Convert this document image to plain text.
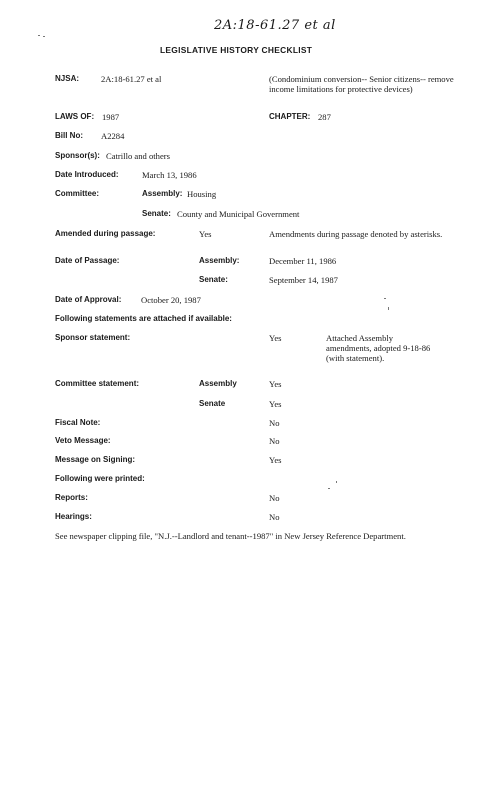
2A:18-61.27 et al
LEGISLATIVE HISTORY CHECKLIST
NJSA:	2A:18-61.27 et al	(Condominium conversion-- Senior citizens-- remove income limitations for protective devices)
LAWS OF: 1987	CHAPTER: 287
Bill No: A2284
Sponsor(s): Catrillo and others
Date Introduced:	March 13, 1986
Committee:	Assembly: Housing
Senate: County and Municipal Government
Amended during passage:	Yes	Amendments during passage denoted by asterisks.
Date of Passage:	Assembly:	December 11, 1986
Senate:	September 14, 1987
Date of Approval: October 20, 1987
Following statements are attached if available:
Sponsor statement:	Yes	Attached Assembly amendments, adopted 9-18-86 (with statement).
Committee statement:	Assembly	Yes
Senate	Yes
Fiscal Note:	No
Veto Message:	No
Message on Signing:	Yes
Following were printed:
Reports:	No
Hearings:	No
See newspaper clipping file, "N.J.--Landlord and tenant--1987" in New Jersey Reference Department.
